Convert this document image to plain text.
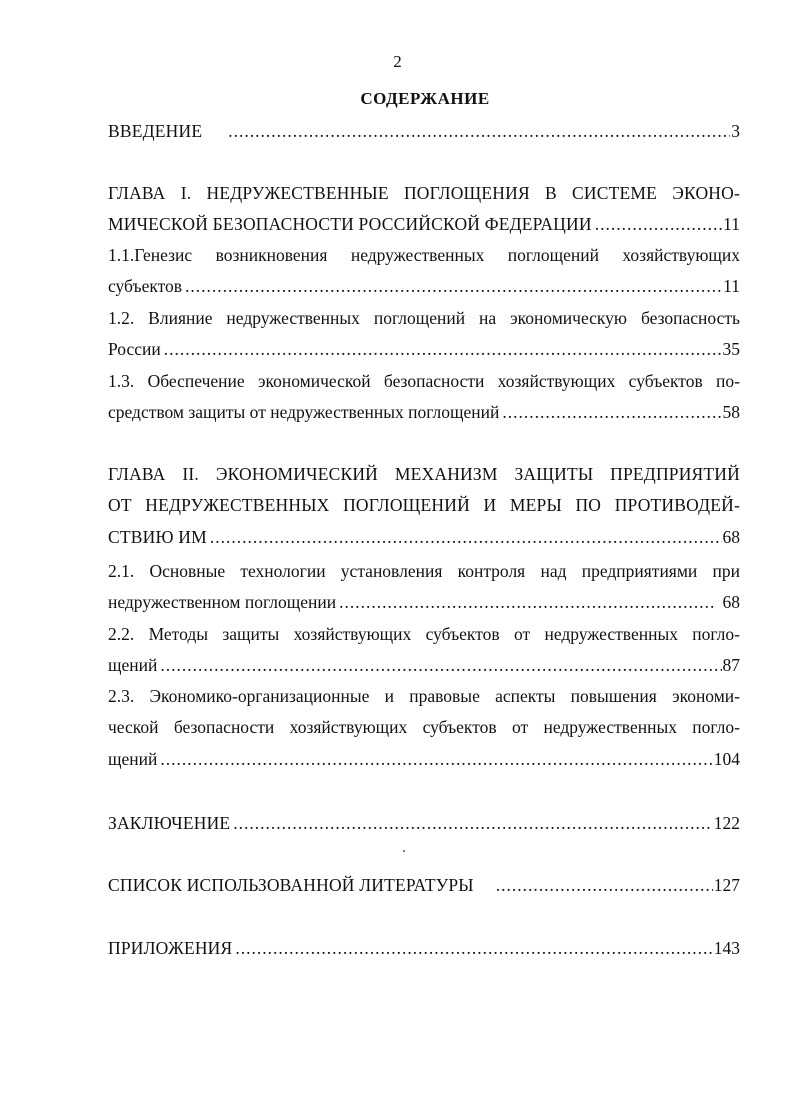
2
СОДЕРЖАНИЕ
ВВЕДЕНИЕ .....	3
ГЛАВА I. НЕДРУЖЕСТВЕННЫЕ ПОГЛОЩЕНИЯ В СИСТЕМЕ ЭКОНО-
МИЧЕСКОЙ БЕЗОПАСНОСТИ РОССИЙСКОЙ ФЕДЕРАЦИИ .....	11
1.1.Генезис возникновения недружественных поглощений хозяйствующих
субъектов .....	11
1.2. Влияние недружественных поглощений на экономическую безопасность
России .....	35
1.3. Обеспечение экономической безопасности хозяйствующих субъектов по-
средством защиты от недружественных поглощений .....	58
ГЛАВА II. ЭКОНОМИЧЕСКИЙ МЕХАНИЗМ ЗАЩИТЫ ПРЕДПРИЯТИЙ
ОТ НЕДРУЖЕСТВЕННЫХ ПОГЛОЩЕНИЙ И МЕРЫ ПО ПРОТИВОДЕЙ-
СТВИЮ ИМ .....	68
2.1. Основные технологии установления контроля над предприятиями при
недружественном поглощении .....	68
2.2. Методы защиты хозяйствующих субъектов от недружественных погло-
щений .....	87
2.3. Экономико-организационные и правовые аспекты повышения экономи-
ческой безопасности хозяйствующих субъектов от недружественных погло-
щений .....	104
ЗАКЛЮЧЕНИЕ .....	122
СПИСОК ИСПОЛЬЗОВАННОЙ ЛИТЕРАТУРЫ .....	127
ПРИЛОЖЕНИЯ .....	143
